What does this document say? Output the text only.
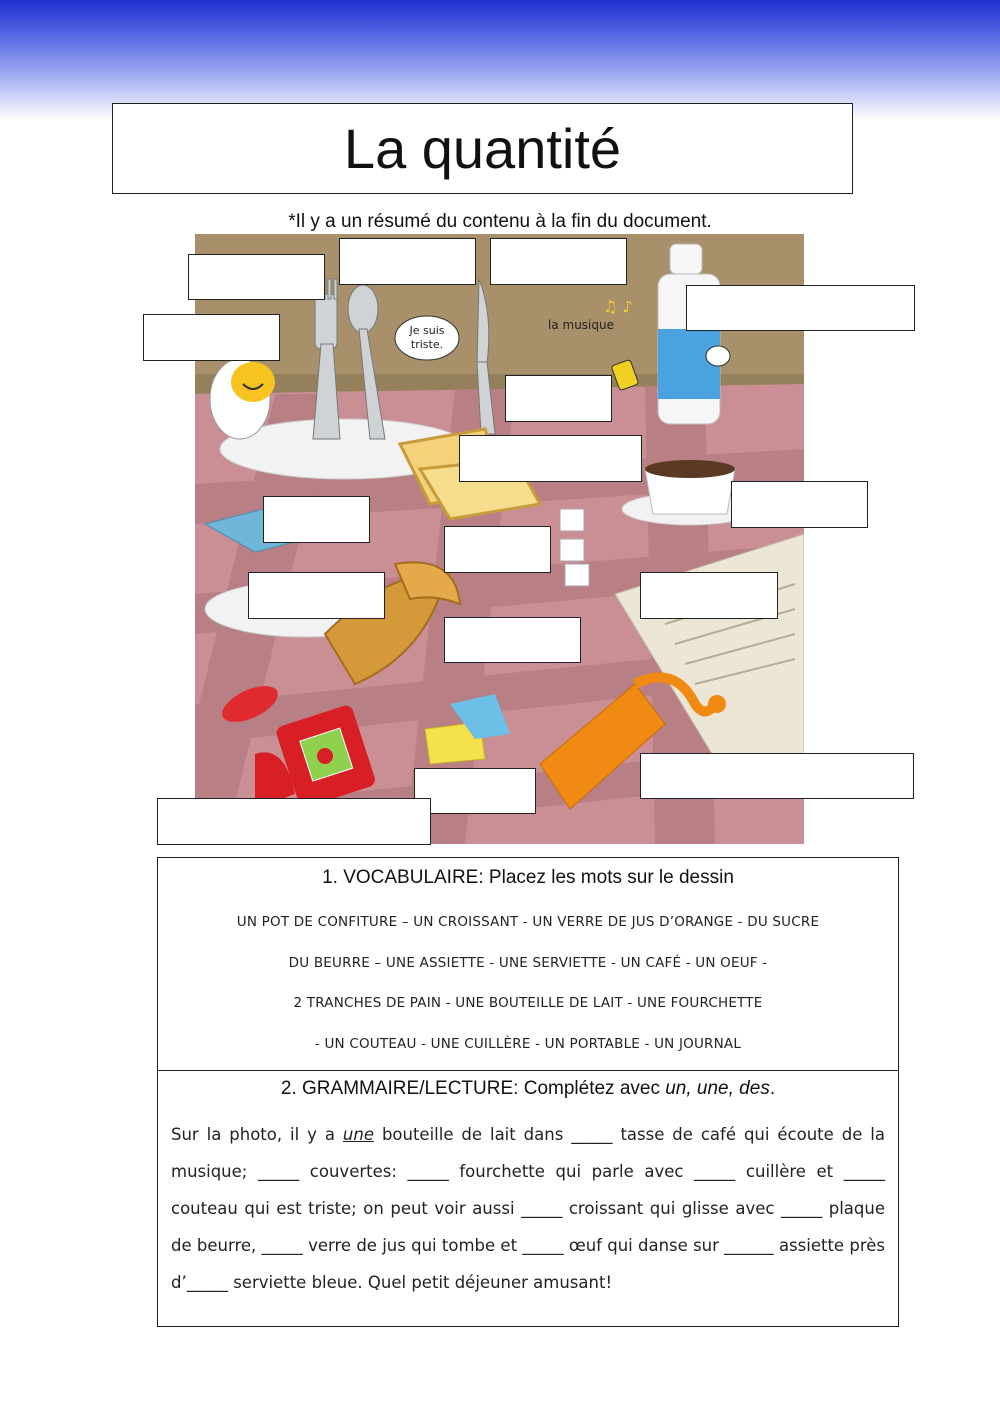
La quantité
*Il y a un résumé du contenu à la fin du document.
Je suis
triste.
la musique
♫ ♪
1. VOCABULAIRE: Placez les mots sur le dessin
UN POT DE CONFITURE – UN CROISSANT - UN VERRE DE JUS D’ORANGE - DU SUCRE
DU BEURRE – UNE ASSIETTE - UNE SERVIETTE - UN CAFÉ - UN OEUF -
2 TRANCHES DE PAIN - UNE BOUTEILLE DE LAIT - UNE FOURCHETTE
- UN COUTEAU - UNE CUILLÈRE - UN PORTABLE - UN JOURNAL
2. GRAMMAIRE/LECTURE: Complétez avec un, une, des.

Sur la photo, il y a une bouteille de lait dans _____ tasse de café qui écoute de la musique; _____ couvertes: _____ fourchette qui parle avec _____ cuillère et _____ couteau qui est triste; on peut voir aussi _____ croissant qui glisse avec _____ plaque de beurre, _____ verre de jus qui tombe et _____ œuf qui danse sur ______ assiette près d’_____ serviette bleue. Quel petit déjeuner amusant!
